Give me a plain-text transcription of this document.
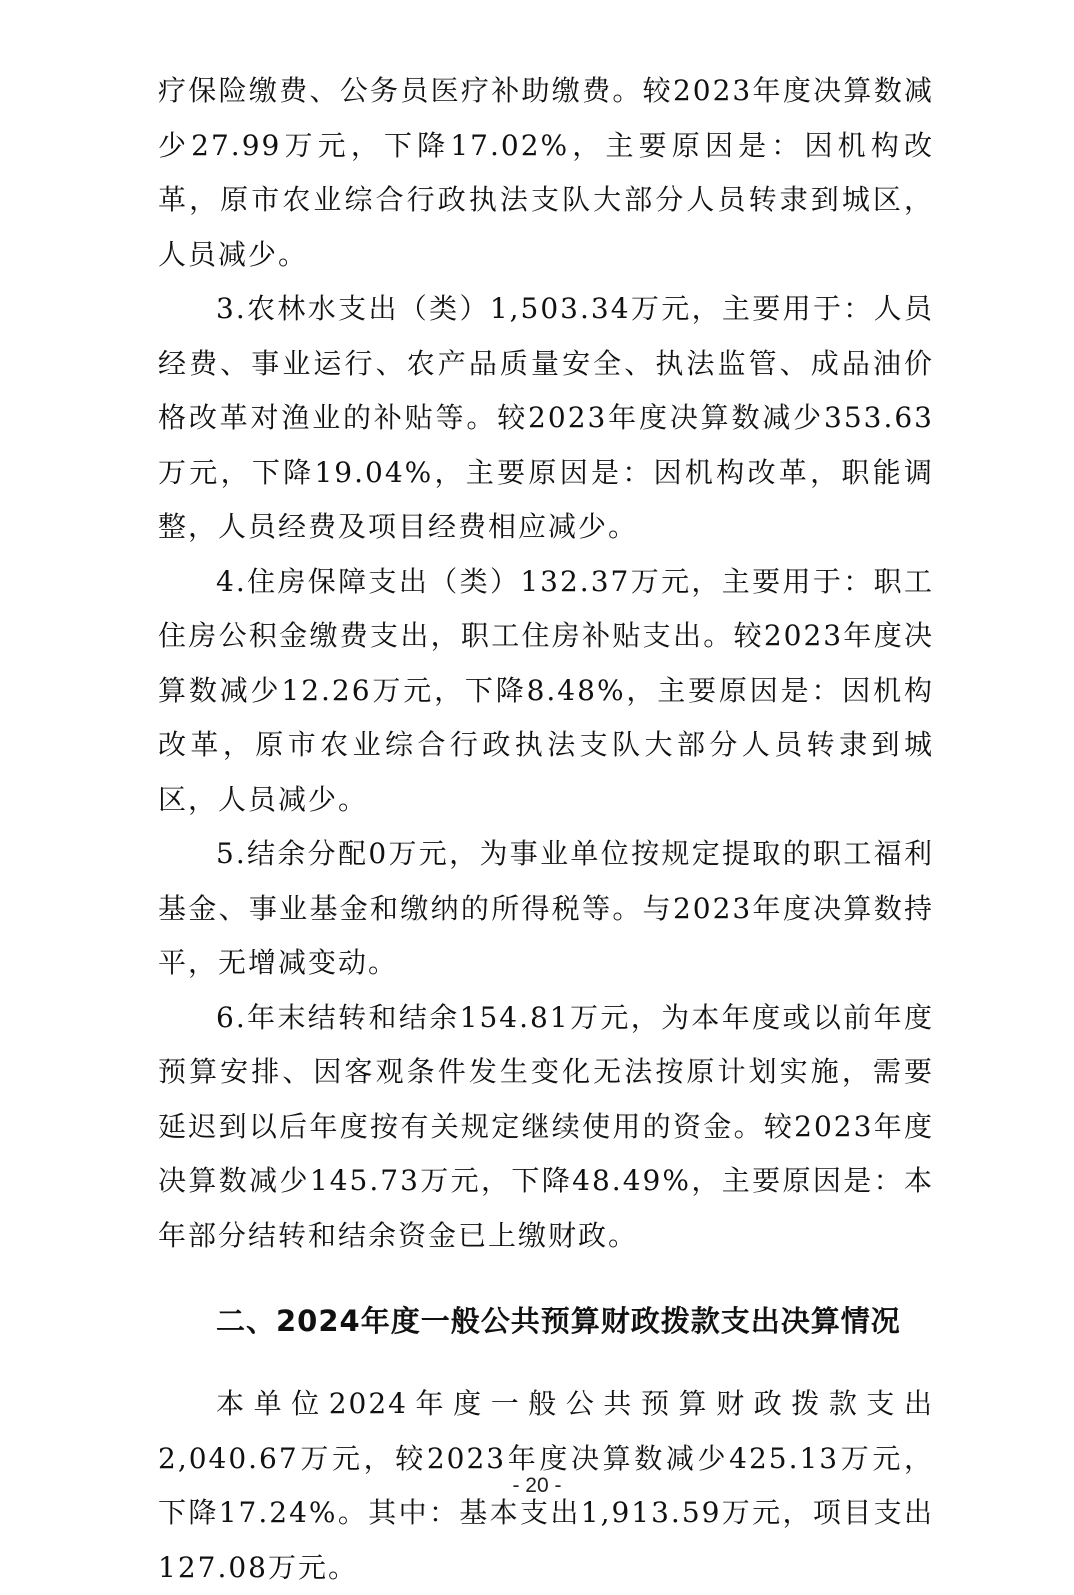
疗保险缴费、公务员医疗补助缴费。较2023年度决算数减少27.99万元，下降17.02%，主要原因是：因机构改革，原市农业综合行政执法支队大部分人员转隶到城区，人员减少。

3.农林水支出（类）1,503.34万元，主要用于：人员经费、事业运行、农产品质量安全、执法监管、成品油价格改革对渔业的补贴等。较2023年度决算数减少353.63万元，下降19.04%，主要原因是：因机构改革，职能调整，人员经费及项目经费相应减少。

4.住房保障支出（类）132.37万元，主要用于：职工住房公积金缴费支出，职工住房补贴支出。较2023年度决算数减少12.26万元，下降8.48%，主要原因是：因机构改革，原市农业综合行政执法支队大部分人员转隶到城区，人员减少。

5.结余分配0万元，为事业单位按规定提取的职工福利基金、事业基金和缴纳的所得税等。与2023年度决算数持平，无增减变动。

6.年末结转和结余154.81万元，为本年度或以前年度预算安排、因客观条件发生变化无法按原计划实施，需要延迟到以后年度按有关规定继续使用的资金。较2023年度决算数减少145.73万元，下降48.49%，主要原因是：本年部分结转和结余资金已上缴财政。

二、2024年度一般公共预算财政拨款支出决算情况

本单位2024年度一般公共预算财政拨款支出2,040.67万元，较2023年度决算数减少425.13万元，下降17.24%。其中：基本支出1,913.59万元，项目支出127.08万元。

- 20 -
